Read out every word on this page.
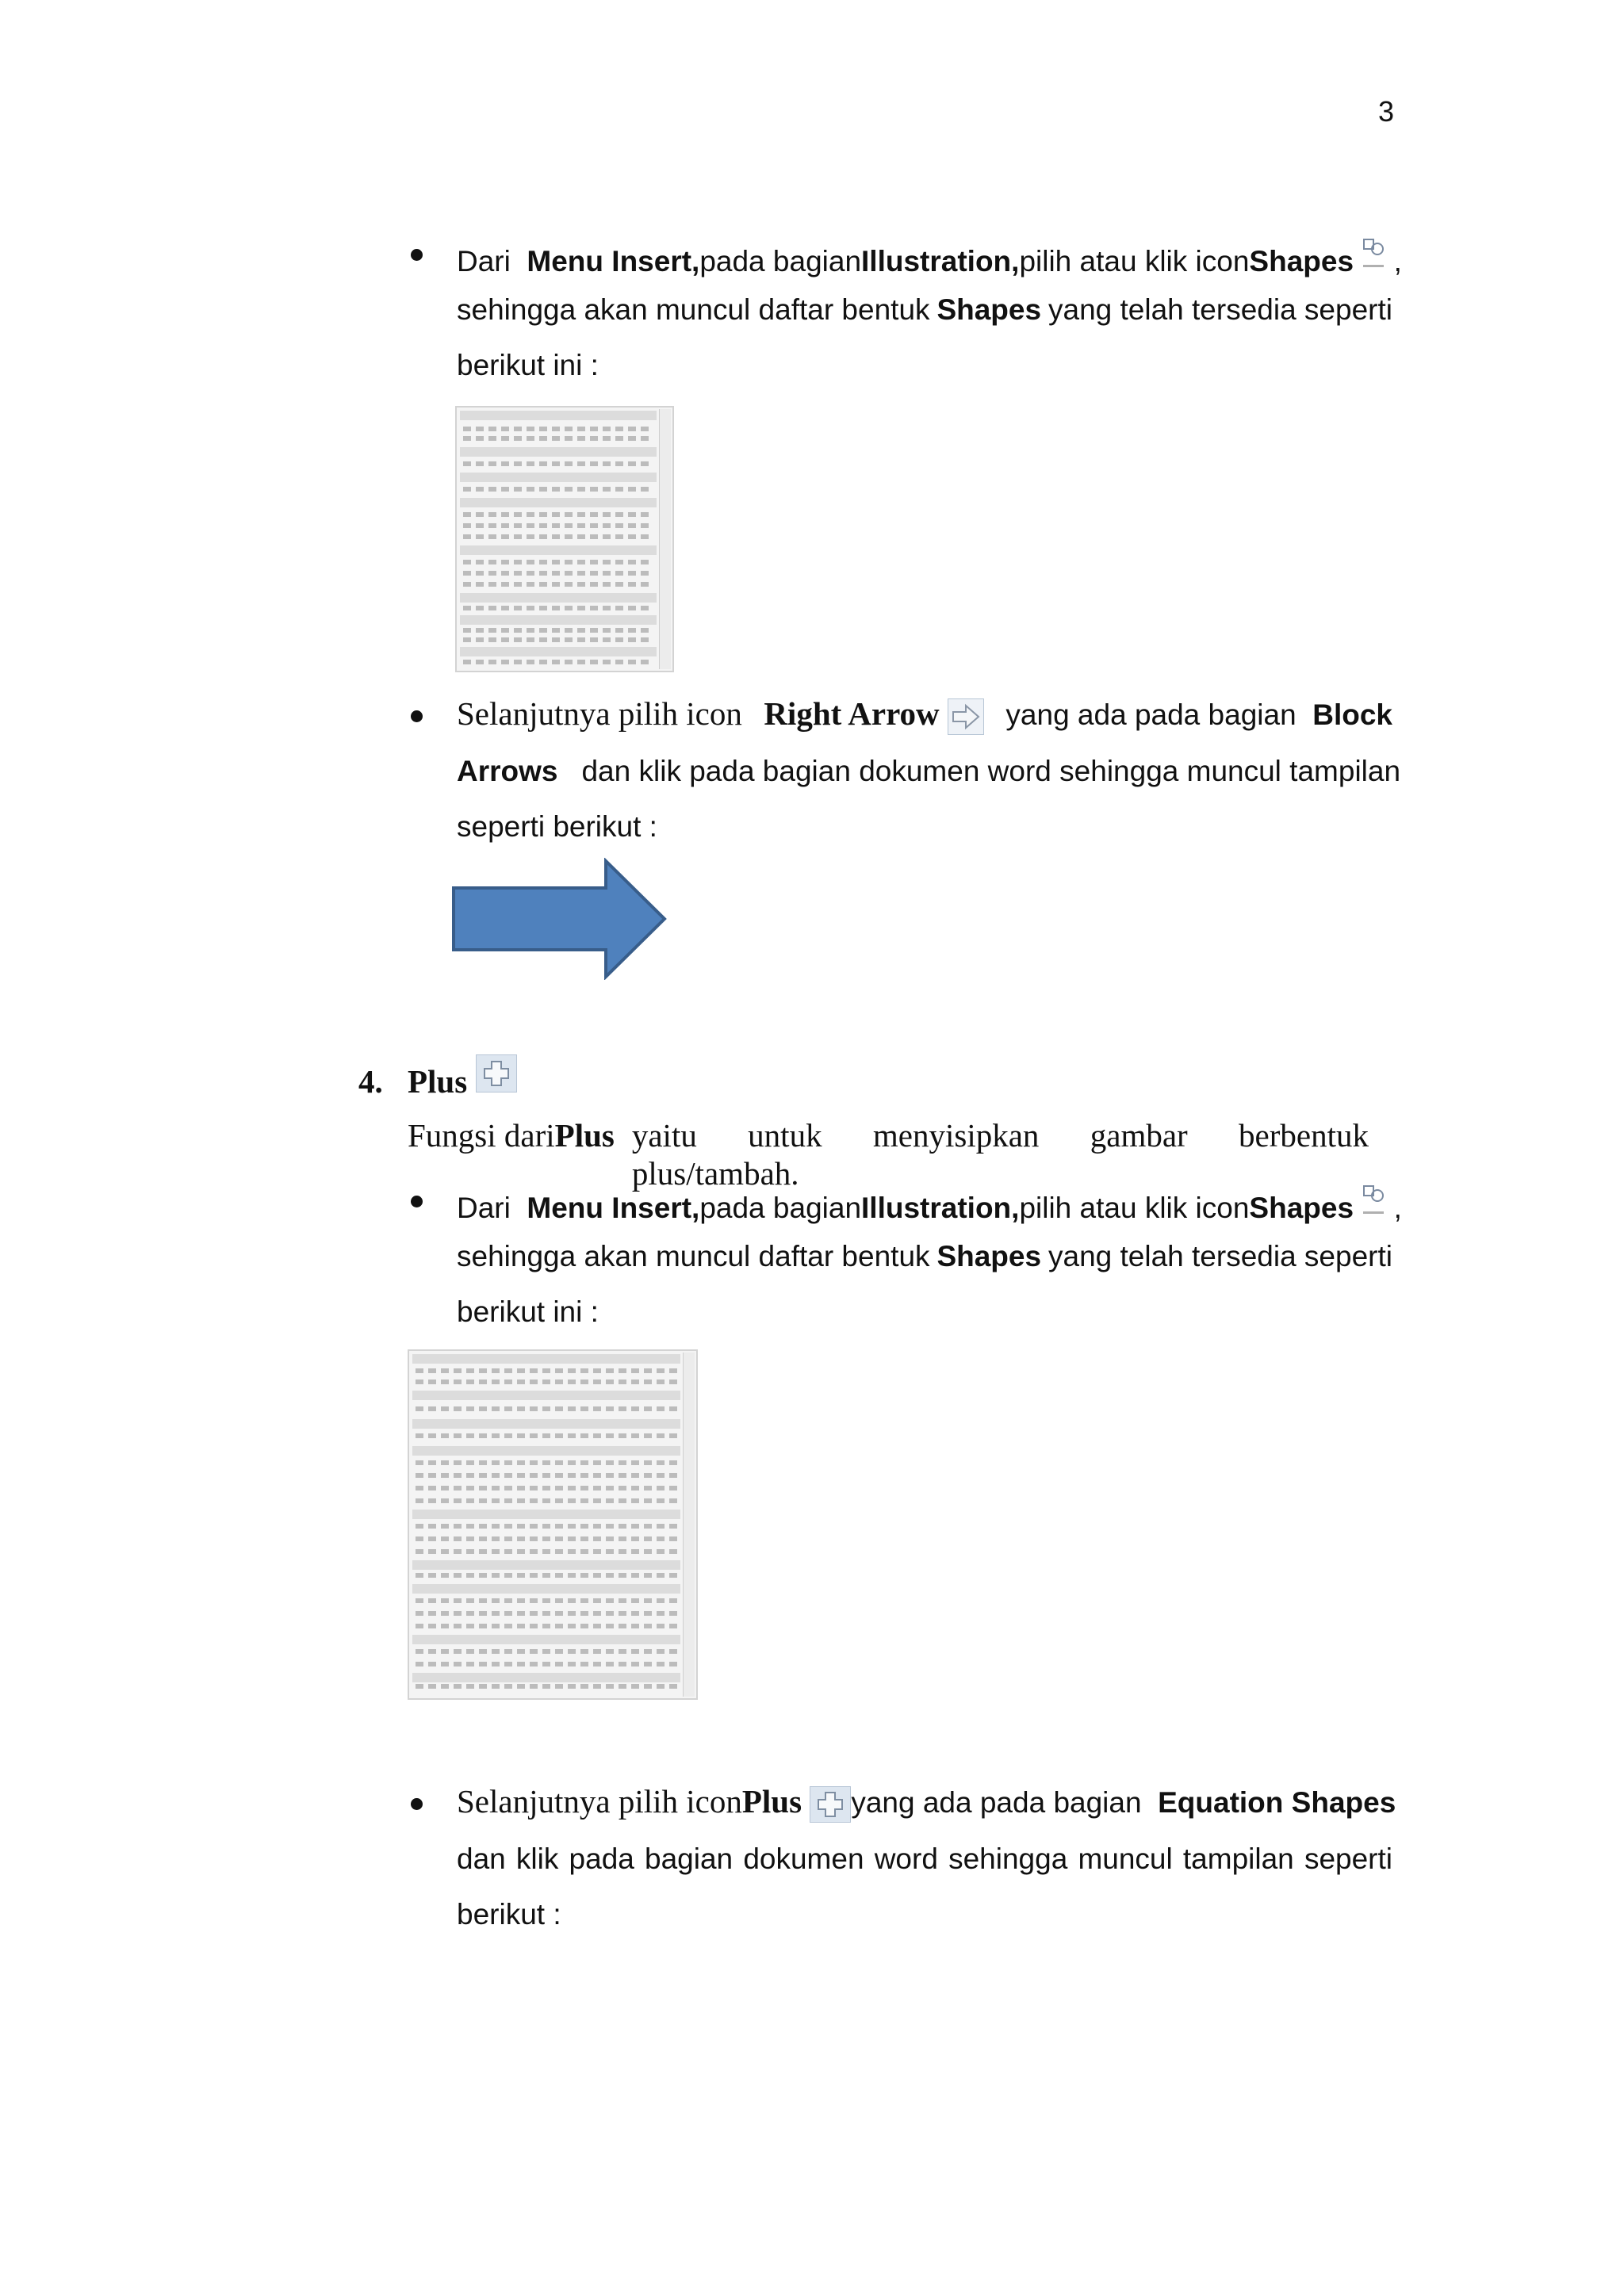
3
Dari Menu Insert, pada bagian Illustration, pilih atau klik icon Shapes ,
sehingga akan muncul daftar bentuk Shapes yang telah tersedia seperti
berikut ini :
Selanjutnya pilih icon Right Arrow	yang ada pada bagian Block
Arrows dan klik pada bagian dokumen word sehingga muncul tampilan
seperti berikut :
4. Plus
Fungsi dari Plus yaitu untuk menyisipkan gambar berbentuk plus/tambah.
Dari Menu Insert, pada bagian Illustration, pilih atau klik icon Shapes ,
sehingga akan muncul daftar bentuk Shapes yang telah tersedia seperti
berikut ini :
Selanjutnya pilih icon Plus	yang ada pada bagian Equation Shapes
dan klik pada bagian dokumen word sehingga muncul tampilan seperti
berikut :
